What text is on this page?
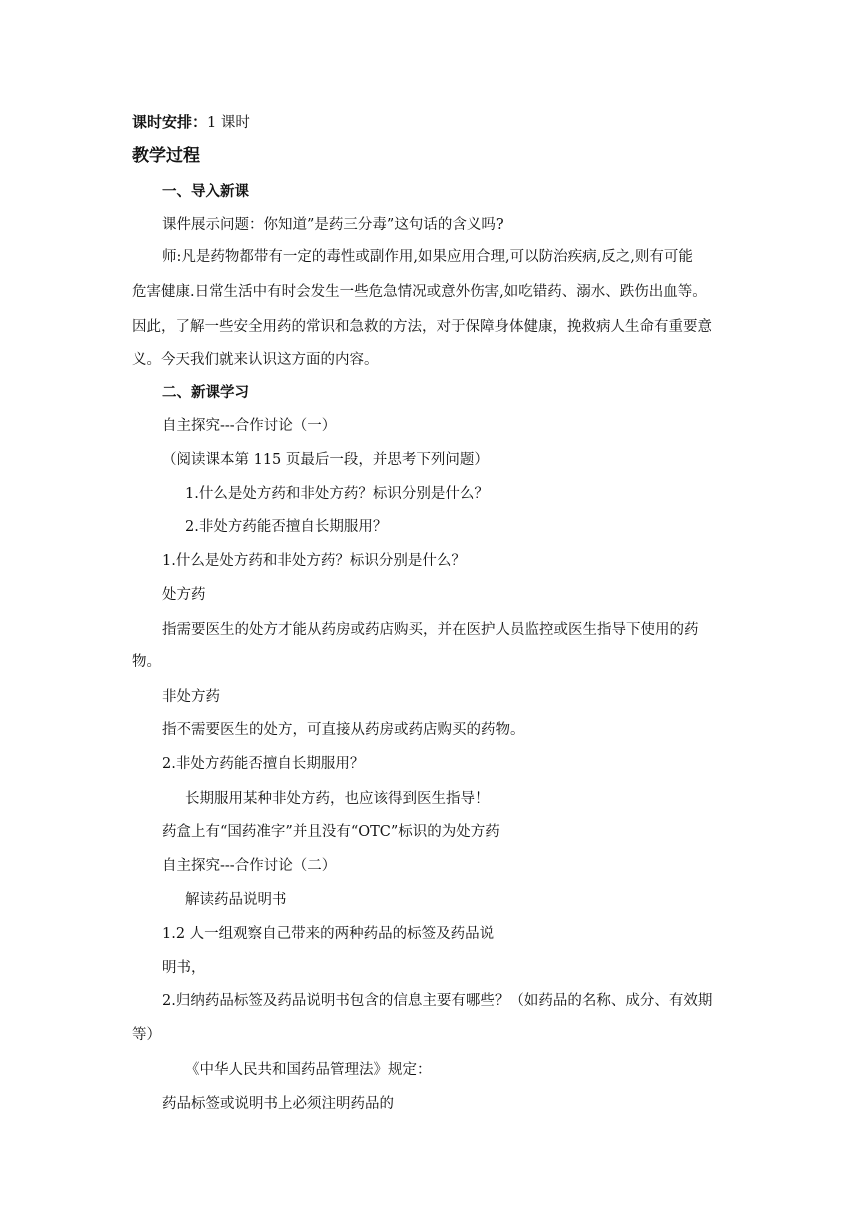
课时安排：1 课时
教学过程
一、导入新课
课件展示问题：你知道”是药三分毒”这句话的含义吗?
师:凡是药物都带有一定的毒性或副作用,如果应用合理,可以防治疾病,反之,则有可能
危害健康.日常生活中有时会发生一些危急情况或意外伤害,如吃错药、溺水、跌伤出血等。
因此，了解一些安全用药的常识和急救的方法，对于保障身体健康，挽救病人生命有重要意
义。今天我们就来认识这方面的内容。
二、新课学习
自主探究---合作讨论（一）
（阅读课本第 115 页最后一段，并思考下列问题）
1.什么是处方药和非处方药？标识分别是什么？
2.非处方药能否擅自长期服用？
1.什么是处方药和非处方药？标识分别是什么？
处方药
指需要医生的处方才能从药房或药店购买，并在医护人员监控或医生指导下使用的药
物。
非处方药
指不需要医生的处方，可直接从药房或药店购买的药物。
2.非处方药能否擅自长期服用？
长期服用某种非处方药，也应该得到医生指导！
药盒上有“国药准字”并且没有“OTC”标识的为处方药
自主探究---合作讨论（二）
解读药品说明书
1.2 人一组观察自己带来的两种药品的标签及药品说
明书，
2.归纳药品标签及药品说明书包含的信息主要有哪些？（如药品的名称、成分、有效期
等）
《中华人民共和国药品管理法》规定：
药品标签或说明书上必须注明药品的
